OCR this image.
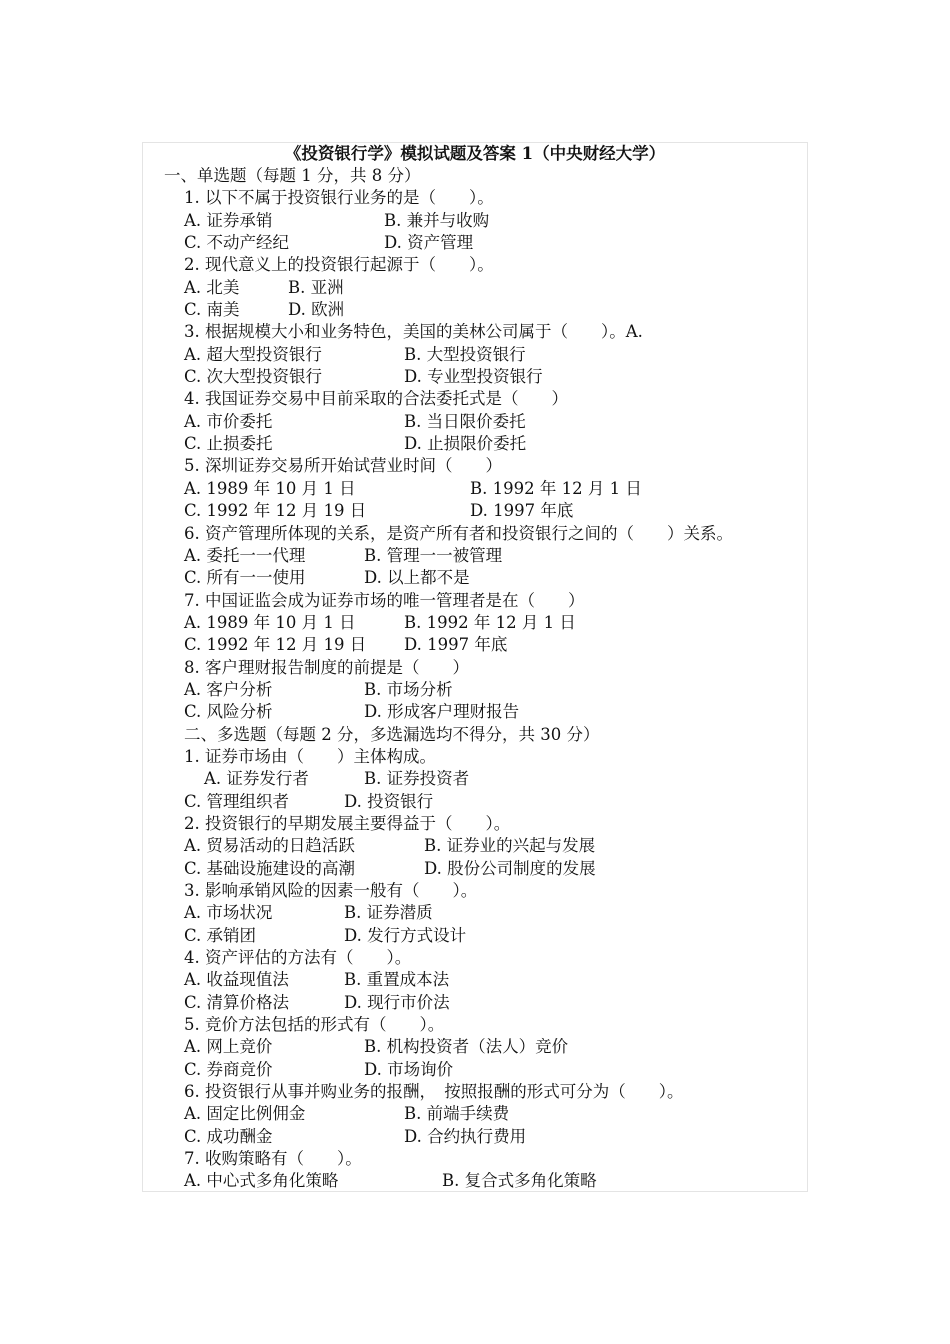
《投资银行学》模拟试题及答案 1（中央财经大学）
一、单选题（每题 1 分，共 8 分）
1. 以下不属于投资银行业务的是（　　）。
A. 证券承销	B. 兼并与收购
C. 不动产经纪	D. 资产管理
2. 现代意义上的投资银行起源于（　　）。
A. 北美	B. 亚洲
C. 南美	D. 欧洲
3. 根据规模大小和业务特色，美国的美林公司属于（　　）。A.
A. 超大型投资银行	B. 大型投资银行
C. 次大型投资银行	D. 专业型投资银行
4. 我国证券交易中目前采取的合法委托式是（　　）
A. 市价委托	B. 当日限价委托
C. 止损委托	D. 止损限价委托
5. 深圳证券交易所开始试营业时间（　　）
A. 1989 年 10 月 1 日	B. 1992 年 12 月 1 日
C. 1992 年 12 月 19 日	D. 1997 年底
6. 资产管理所体现的关系，是资产所有者和投资银行之间的（　　）关系。
A. 委托一一代理	B. 管理一一被管理
C. 所有一一使用	D. 以上都不是
7. 中国证监会成为证券市场的唯一管理者是在（　　）
A. 1989 年 10 月 1 日	B. 1992 年 12 月 1 日
C. 1992 年 12 月 19 日 D. 1997 年底
8. 客户理财报告制度的前提是（　　）
A. 客户分析	B. 市场分析
C. 风险分析	D. 形成客户理财报告
二、多选题（每题 2 分，多选漏选均不得分，共 30 分）
1. 证券市场由（　　）主体构成。
A. 证券发行者	B. 证券投资者
C. 管理组织者	D. 投资银行
2. 投资银行的早期发展主要得益于（　　）。
A. 贸易活动的日趋活跃	B. 证券业的兴起与发展
C. 基础设施建设的高潮	D. 股份公司制度的发展
3. 影响承销风险的因素一般有（　　）。
A. 市场状况	B. 证券潜质
C. 承销团	D. 发行方式设计
4. 资产评估的方法有（　　）。
A. 收益现值法	B. 重置成本法
C. 清算价格法	D. 现行市价法
5. 竞价方法包括的形式有（　　）。
A. 网上竞价	B. 机构投资者（法人）竞价
C. 券商竞价	D. 市场询价
6. 投资银行从事并购业务的报酬，　按照报酬的形式可分为（　　）。
A. 固定比例佣金	B. 前端手续费
C. 成功酬金	D. 合约执行费用
7. 收购策略有（　　）。
A. 中心式多角化策略	B. 复合式多角化策略
